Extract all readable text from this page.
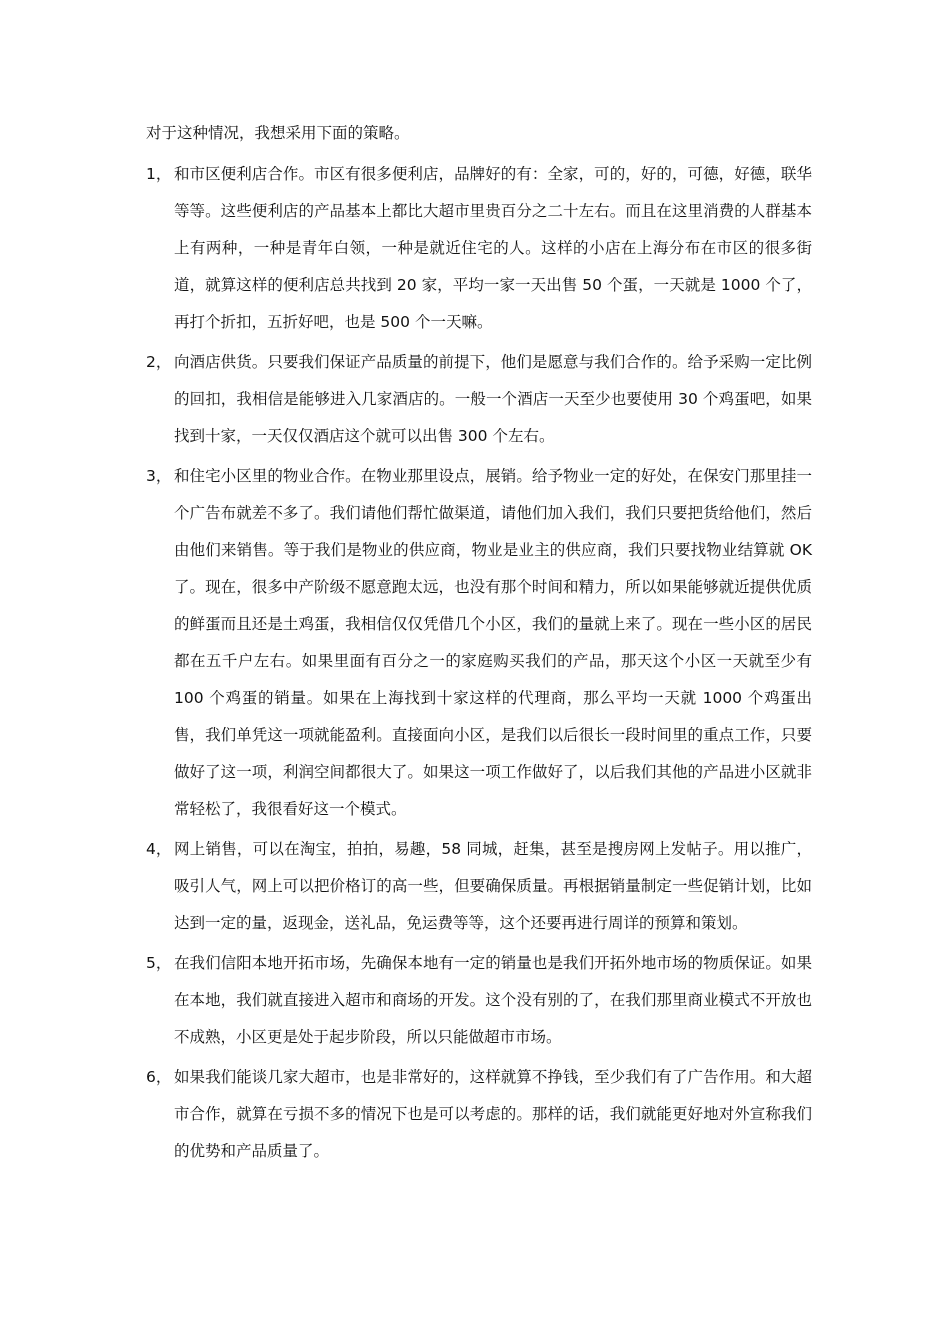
对于这种情况，我想采用下面的策略。

1， 和市区便利店合作。市区有很多便利店，品牌好的有：全家，可的，好的，可德，好德，联华等等。这些便利店的产品基本上都比大超市里贵百分之二十左右。而且在这里消费的人群基本上有两种，一种是青年白领，一种是就近住宅的人。这样的小店在上海分布在市区的很多街道，就算这样的便利店总共找到 20 家，平均一家一天出售 50 个蛋，一天就是 1000 个了，再打个折扣，五折好吧，也是 500 个一天嘛。
2， 向酒店供货。只要我们保证产品质量的前提下，他们是愿意与我们合作的。给予采购一定比例的回扣，我相信是能够进入几家酒店的。一般一个酒店一天至少也要使用 30 个鸡蛋吧，如果找到十家，一天仅仅酒店这个就可以出售 300 个左右。
3， 和住宅小区里的物业合作。在物业那里设点，展销。给予物业一定的好处，在保安门那里挂一个广告布就差不多了。我们请他们帮忙做渠道，请他们加入我们，我们只要把货给他们，然后由他们来销售。等于我们是物业的供应商，物业是业主的供应商，我们只要找物业结算就 OK 了。现在，很多中产阶级不愿意跑太远，也没有那个时间和精力，所以如果能够就近提供优质的鲜蛋而且还是土鸡蛋，我相信仅仅凭借几个小区，我们的量就上来了。现在一些小区的居民都在五千户左右。如果里面有百分之一的家庭购买我们的产品，那天这个小区一天就至少有 100 个鸡蛋的销量。如果在上海找到十家这样的代理商，那么平均一天就 1000 个鸡蛋出售，我们单凭这一项就能盈利。直接面向小区，是我们以后很长一段时间里的重点工作，只要做好了这一项，利润空间都很大了。如果这一项工作做好了，以后我们其他的产品进小区就非常轻松了，我很看好这一个模式。
4， 网上销售，可以在淘宝，拍拍，易趣，58 同城，赶集，甚至是搜房网上发帖子。用以推广，吸引人气，网上可以把价格订的高一些，但要确保质量。再根据销量制定一些促销计划，比如达到一定的量，返现金，送礼品，免运费等等，这个还要再进行周详的预算和策划。
5， 在我们信阳本地开拓市场，先确保本地有一定的销量也是我们开拓外地市场的物质保证。如果在本地，我们就直接进入超市和商场的开发。这个没有别的了，在我们那里商业模式不开放也不成熟，小区更是处于起步阶段，所以只能做超市市场。
6， 如果我们能谈几家大超市，也是非常好的，这样就算不挣钱，至少我们有了广告作用。和大超市合作，就算在亏损不多的情况下也是可以考虑的。那样的话，我们就能更好地对外宣称我们的优势和产品质量了。
